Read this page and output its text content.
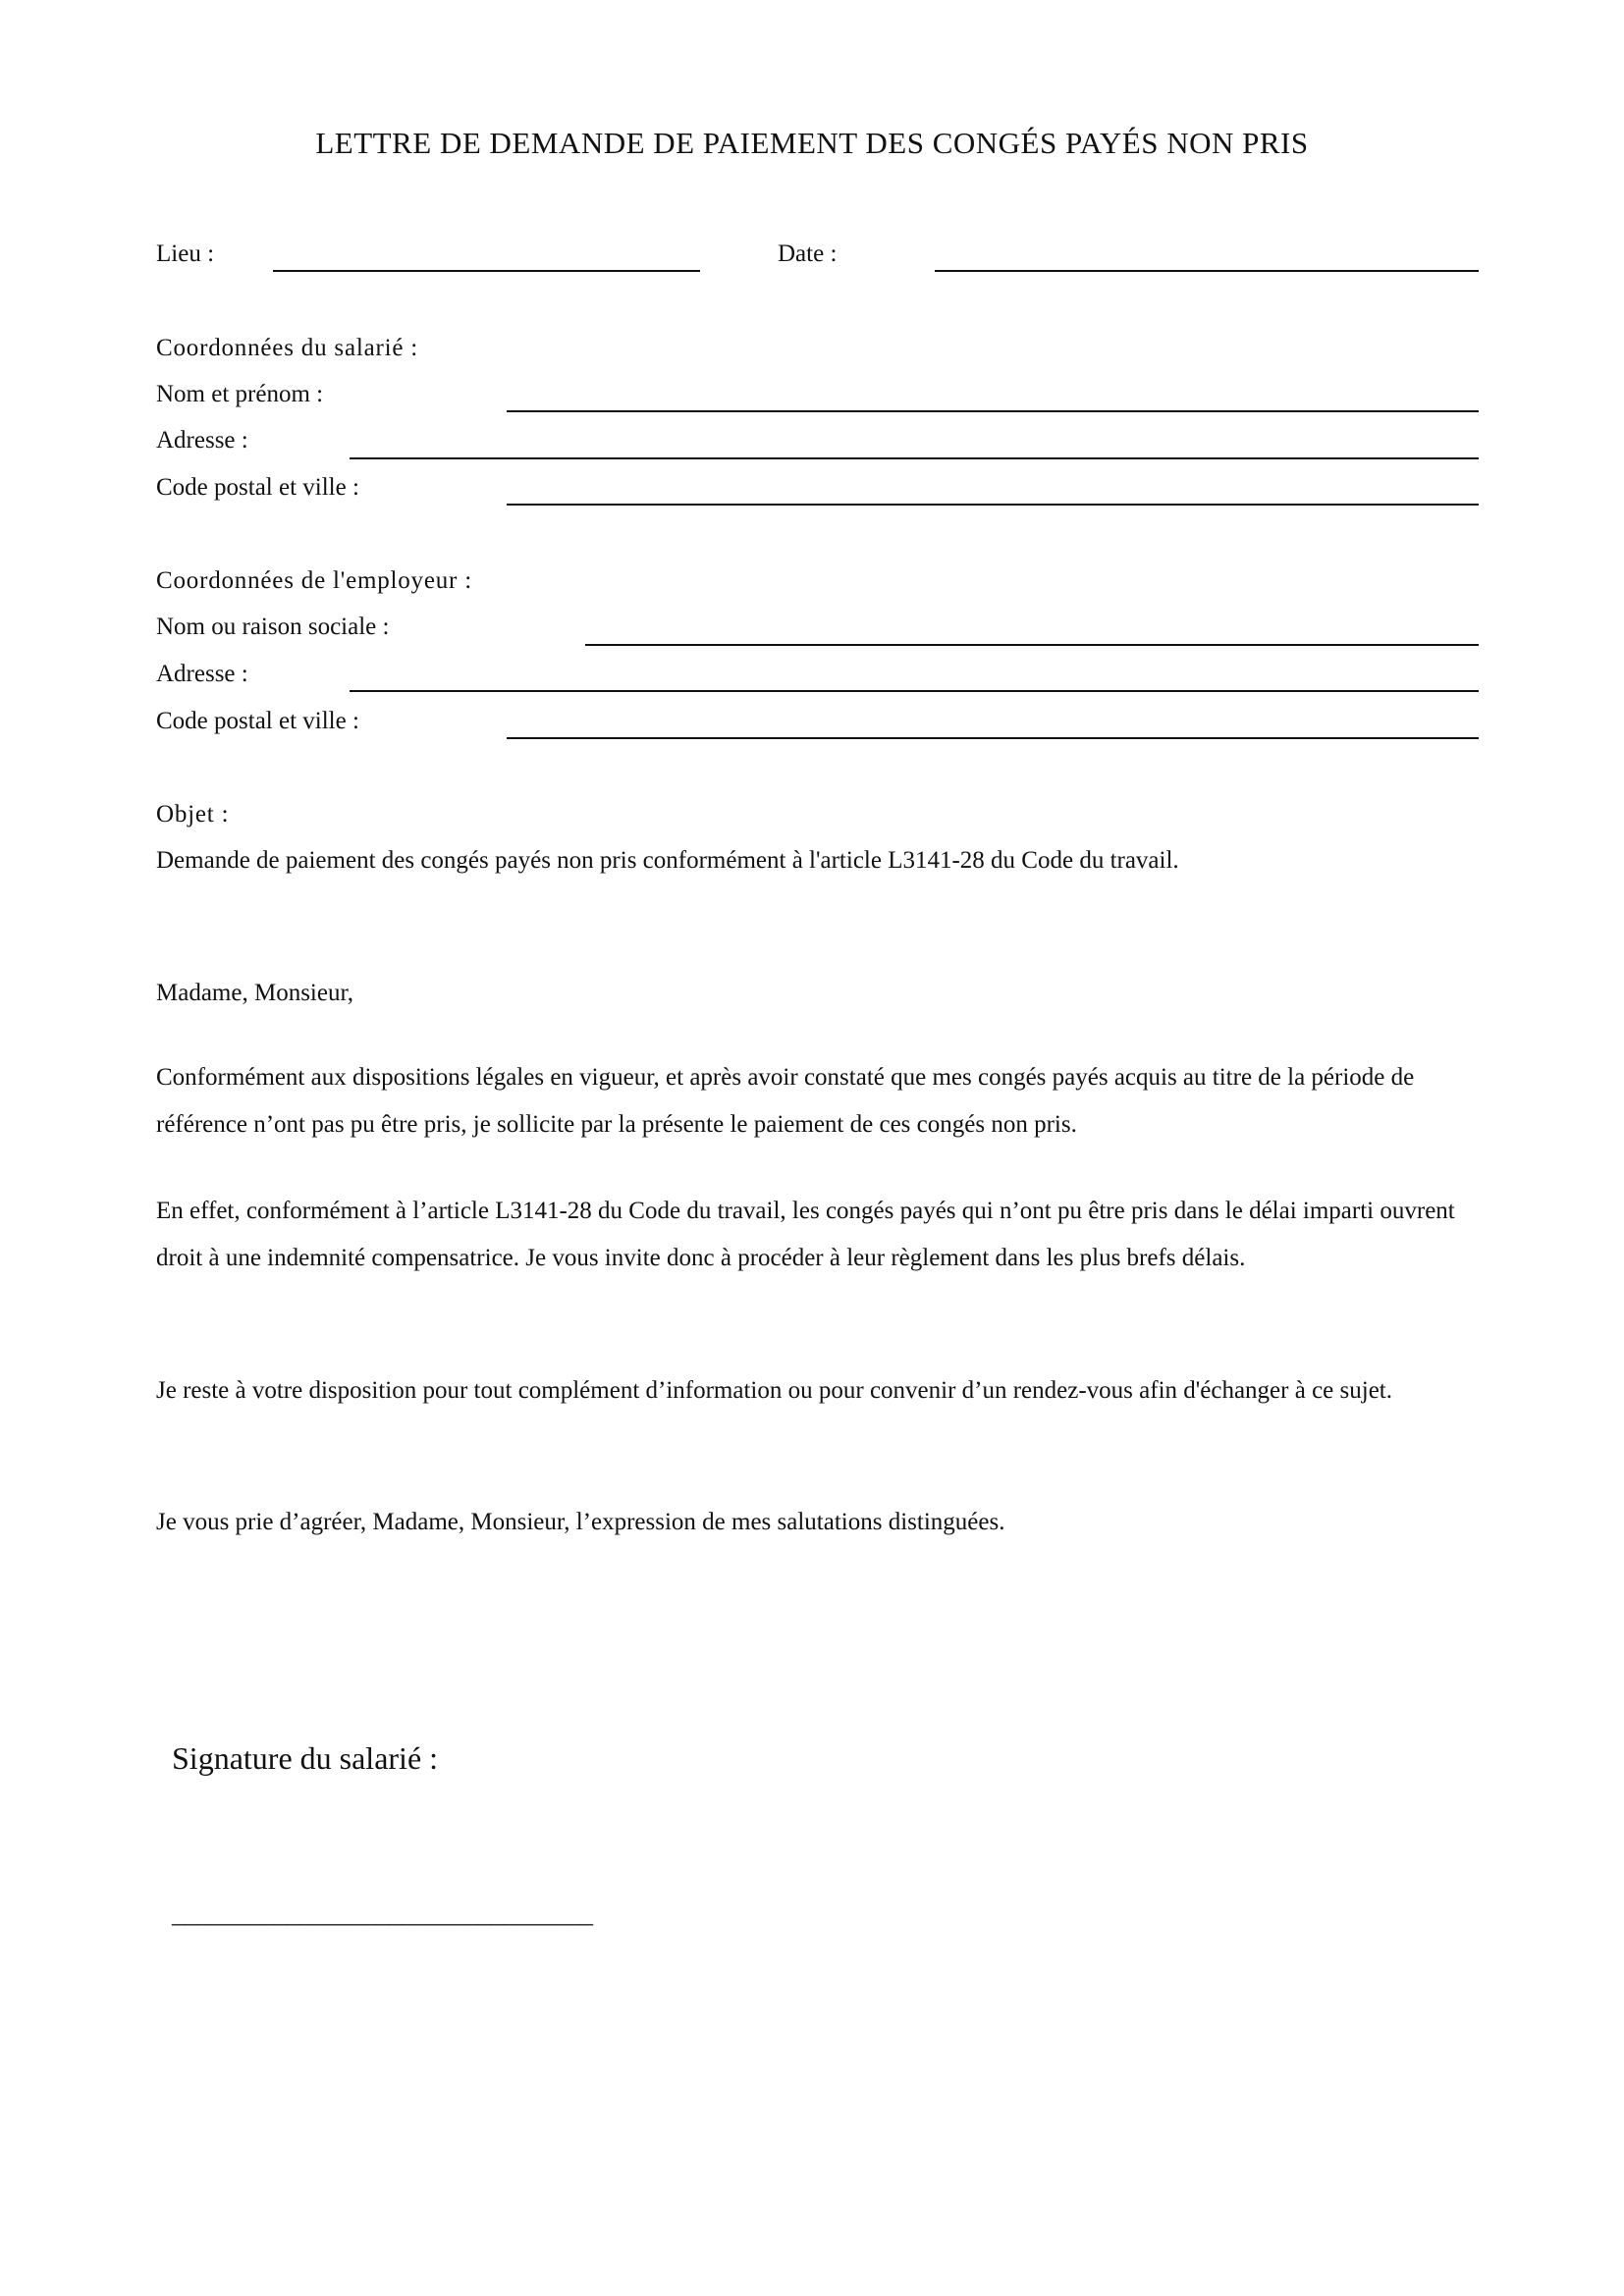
LETTRE DE DEMANDE DE PAIEMENT DES CONGÉS PAYÉS NON PRIS
Lieu :	Date :
Coordonnées du salarié :
Nom et prénom :
Adresse :
Code postal et ville :
Coordonnées de l'employeur :
Nom ou raison sociale :
Adresse :
Code postal et ville :
Objet :
Demande de paiement des congés payés non pris conformément à l'article L3141-28 du Code du travail.
Madame, Monsieur,
Conformément aux dispositions légales en vigueur, et après avoir constaté que mes congés payés acquis au titre de la période de référence n’ont pas pu être pris, je sollicite par la présente le paiement de ces congés non pris.
En effet, conformément à l’article L3141-28 du Code du travail, les congés payés qui n’ont pu être pris dans le délai imparti ouvrent droit à une indemnité compensatrice. Je vous invite donc à procéder à leur règlement dans les plus brefs délais.
Je reste à votre disposition pour tout complément d’information ou pour convenir d’un rendez-vous afin d'échanger à ce sujet.
Je vous prie d’agréer, Madame, Monsieur, l’expression de mes salutations distinguées.
Signature du salarié :
_________________________________
